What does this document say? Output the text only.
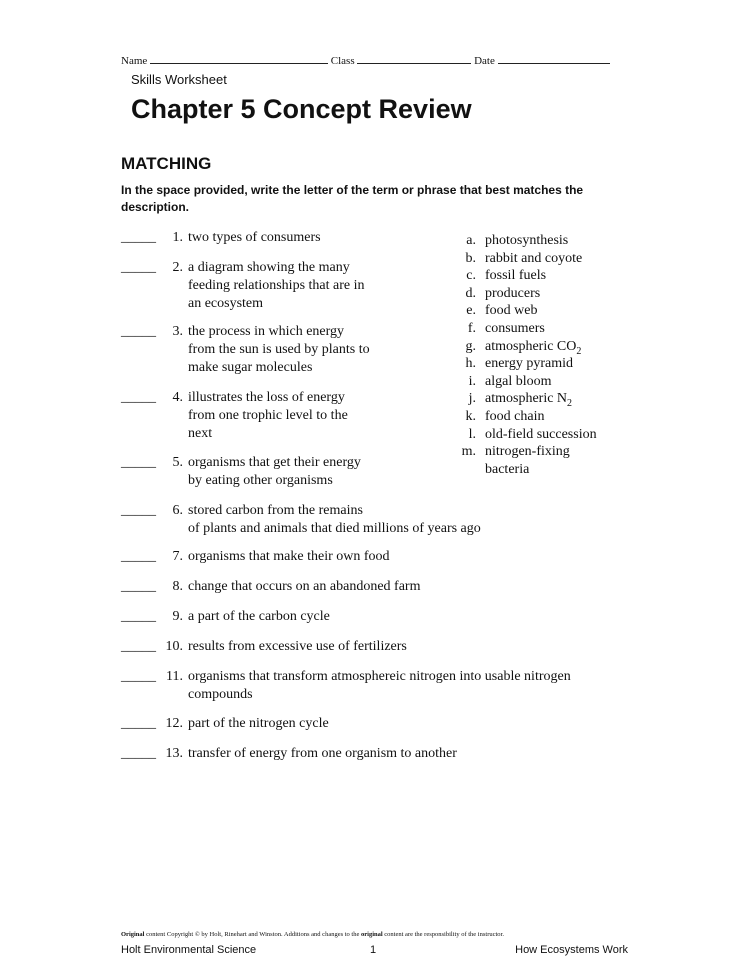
Name	Class	Date
Skills Worksheet
Chapter 5 Concept Review
MATCHING
In the space provided, write the letter of the term or phrase that best matches the description.
_____	1. two types of consumers
_____	2. a diagram showing the many
feeding relationships that are in
an ecosystem
_____	3. the process in which energy
from the sun is used by plants to
make sugar molecules
_____	4. illustrates the loss of energy
from one trophic level to the
next
_____	5. organisms that get their energy
by eating other organisms
_____	6. stored carbon from the remains
of plants and animals that died millions of years ago
_____	7. organisms that make their own food
_____	8. change that occurs on an abandoned farm
_____	9. a part of the carbon cycle
_____ 10. results from excessive use of fertilizers
_____ 11. organisms that transform atmosphereic nitrogen into usable nitrogen
compounds
_____ 12. part of the nitrogen cycle
_____ 13. transfer of energy from one organism to another
a. photosynthesis
b. rabbit and coyote
c. fossil fuels
d. producers
e. food web
f. consumers
g. atmospheric $CO_2$
h. energy pyramid
i. algal bloom
j. atmospheric $N_2$
k. food chain
l. old-field succession
m. nitrogen-fixing
bacteria
Original content Copyright © by Holt, Rinehart and Winston. Additions and changes to the original content are the responsibility of the instructor.
Holt Environmental Science	1	How Ecosystems Work
